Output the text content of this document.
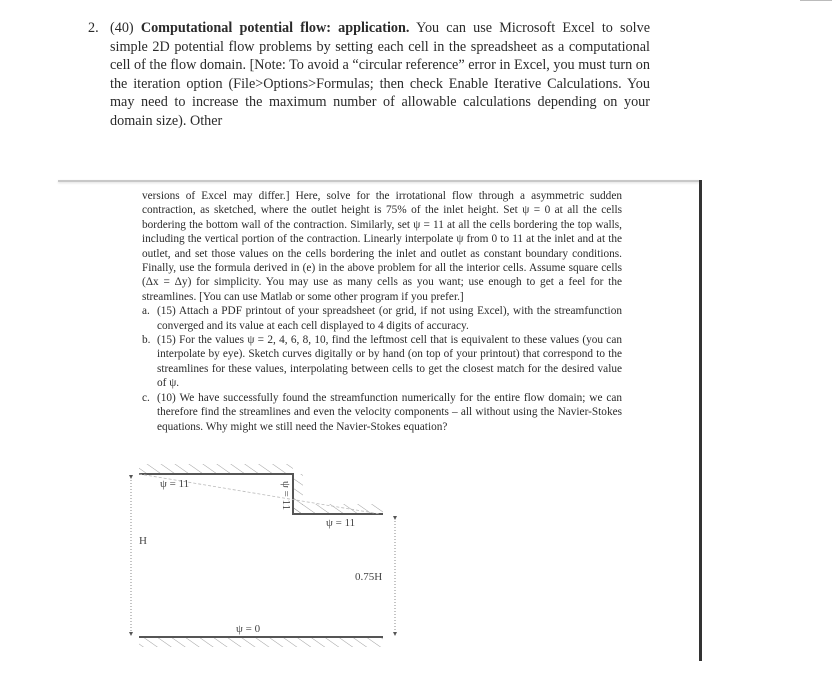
2. (40) Computational potential flow: application. You can use Microsoft Excel to solve simple 2D potential flow problems by setting each cell in the spreadsheet as a computational cell of the flow domain. [Note: To avoid a “circular reference” error in Excel, you must turn on the iteration option (File>Options>Formulas; then check Enable Iterative Calculations. You may need to increase the maximum number of allowable calculations depending on your domain size). Other

versions of Excel may differ.] Here, solve for the irrotational flow through a asymmetric sudden contraction, as sketched, where the outlet height is 75% of the inlet height. Set ψ = 0 at all the cells bordering the bottom wall of the contraction. Similarly, set ψ = 11 at all the cells bordering the top walls, including the vertical portion of the contraction. Linearly interpolate ψ from 0 to 11 at the inlet and at the outlet, and set those values on the cells bordering the inlet and outlet as constant boundary conditions. Finally, use the formula derived in (e) in the above problem for all the interior cells. Assume square cells (Δx = Δy) for simplicity. You may use as many cells as you want; use enough to get a feel for the streamlines. [You can use Matlab or some other program if you prefer.]

a. (15) Attach a PDF printout of your spreadsheet (or grid, if not using Excel), with the streamfunction converged and its value at each cell displayed to 4 digits of accuracy.
b. (15) For the values ψ = 2, 4, 6, 8, 10, find the leftmost cell that is equivalent to these values (you can interpolate by eye). Sketch curves digitally or by hand (on top of your printout) that correspond to the streamlines for these values, interpolating between cells to get the closest match for the desired value of ψ.
c. (10) We have successfully found the streamfunction numerically for the entire flow domain; we can therefore find the streamlines and even the velocity components – all without using the Navier-Stokes equations. Why might we still need the Navier-Stokes equation?
ψ = 11	ψ = 11
ψ = 11
ψ = 0
H
0.75H
